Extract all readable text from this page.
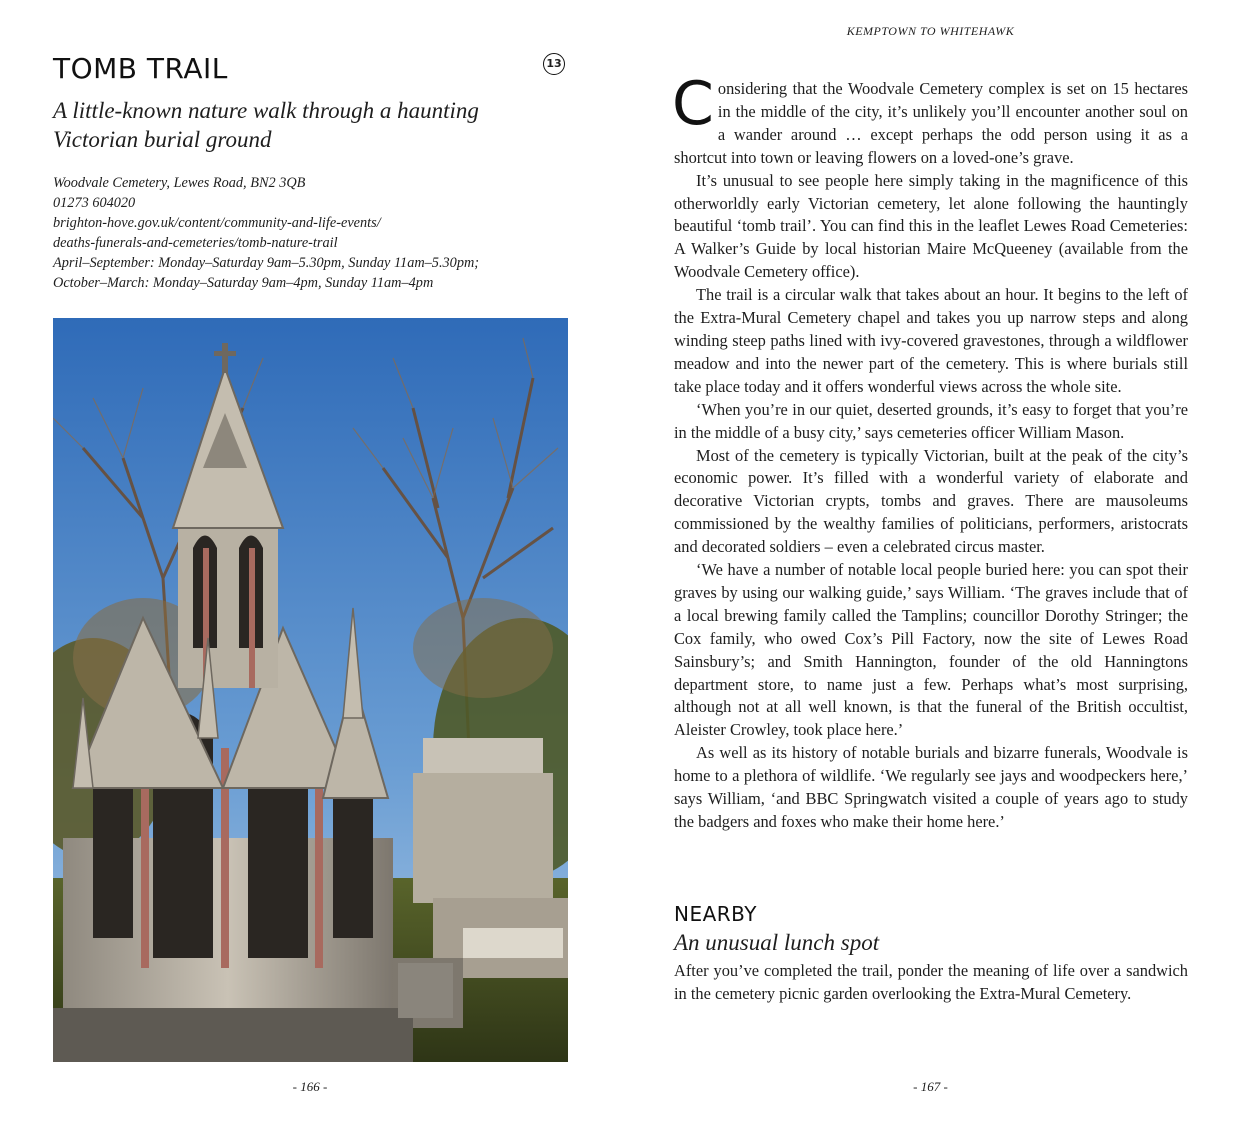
TOMB TRAIL	13
A little-known nature walk through a haunting Victorian burial ground
Woodvale Cemetery, Lewes Road, BN2 3QB
01273 604020
brighton-hove.gov.uk/content/community-and-life-events/
deaths-funerals-and-cemeteries/tomb-nature-trail
April–September: Monday–Saturday 9am–5.30pm, Sunday 11am–5.30pm;
October–March: Monday–Saturday 9am–4pm, Sunday 11am–4pm
- 166 -
KEMPTOWN TO WHITEHAWK

Considering that the Woodvale Cemetery complex is set on 15 hectares in the middle of the city, it’s unlikely you’ll encounter another soul on a wander around … except perhaps the odd person using it as a shortcut into town or leaving flowers on a loved-one’s grave.

It’s unusual to see people here simply taking in the magnificence of this otherworldly early Victorian cemetery, let alone following the hauntingly beautiful ‘tomb trail’. You can find this in the leaflet Lewes Road Cemeteries: A Walker’s Guide by local historian Maire McQueeney (available from the Woodvale Cemetery office).

The trail is a circular walk that takes about an hour. It begins to the left of the Extra-Mural Cemetery chapel and takes you up narrow steps and along winding steep paths lined with ivy-covered gravestones, through a wildflower meadow and into the newer part of the cemetery. This is where burials still take place today and it offers wonderful views across the whole site.

‘When you’re in our quiet, deserted grounds, it’s easy to forget that you’re in the middle of a busy city,’ says cemeteries officer William Mason.

Most of the cemetery is typically Victorian, built at the peak of the city’s economic power. It’s filled with a wonderful variety of elaborate and decorative Victorian crypts, tombs and graves. There are mausoleums commissioned by the wealthy families of politicians, performers, aristocrats and decorated soldiers – even a celebrated circus master.

‘We have a number of notable local people buried here: you can spot their graves by using our walking guide,’ says William. ‘The graves include that of a local brewing family called the Tamplins; councillor Dorothy Stringer; the Cox family, who owed Cox’s Pill Factory, now the site of Lewes Road Sainsbury’s; and Smith Hannington, founder of the old Hanningtons department store, to name just a few. Perhaps what’s most surprising, although not at all well known, is that the funeral of the British occultist, Aleister Crowley, took place here.’

As well as its history of notable burials and bizarre funerals, Woodvale is home to a plethora of wildlife. ‘We regularly see jays and woodpeckers here,’ says William, ‘and BBC Springwatch visited a couple of years ago to study the badgers and foxes who make their home here.’

NEARBY
An unusual lunch spot

After you’ve completed the trail, ponder the meaning of life over a sandwich in the cemetery picnic garden overlooking the Extra-Mural Cemetery.

- 167 -
